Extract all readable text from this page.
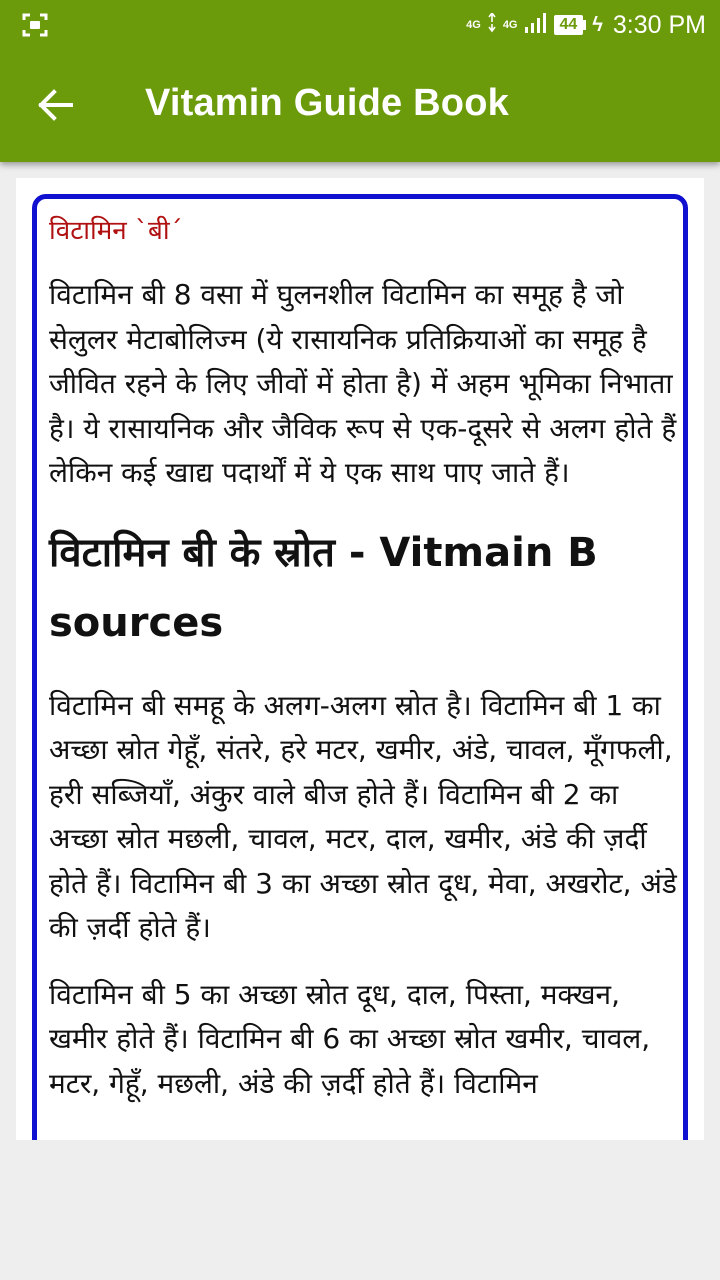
4G 4G	44 ϟ 3:30 PM
Vitamin Guide Book
विटामिन `बी´

विटामिन बी 8 वसा में घुलनशील विटामिन का समूह है जो सेलुलर मेटाबोलिज्म (ये रासायनिक प्रतिक्रियाओं का समूह है जीवित रहने के लिए जीवों में होता है) में अहम भूमिका निभाता है। ये रासायनिक और जैविक रूप से एक-दूसरे से अलग होते हैं लेकिन कई खाद्य पदार्थों में ये एक साथ पाए जाते हैं।

विटामिन बी के स्रोत - Vitmain B sources

विटामिन बी समहू के अलग-अलग स्रोत है। विटामिन बी 1 का अच्छा स्रोत गेहूँ, संतरे, हरे मटर, खमीर, अंडे, चावल, मूँगफली, हरी सब्जियाँ, अंकुर वाले बीज होते हैं। विटामिन बी 2 का अच्छा स्रोत मछली, चावल, मटर, दाल, खमीर, अंडे की ज़र्दी होते हैं। विटामिन बी 3 का अच्छा स्रोत दूध, मेवा, अखरोट, अंडे की ज़र्दी होते हैं।

विटामिन बी 5 का अच्छा स्रोत दूध, दाल, पिस्ता, मक्खन, खमीर होते हैं। विटामिन बी 6 का अच्छा स्रोत खमीर, चावल, मटर, गेहूँ, मछली, अंडे की ज़र्दी होते हैं। विटामिन
